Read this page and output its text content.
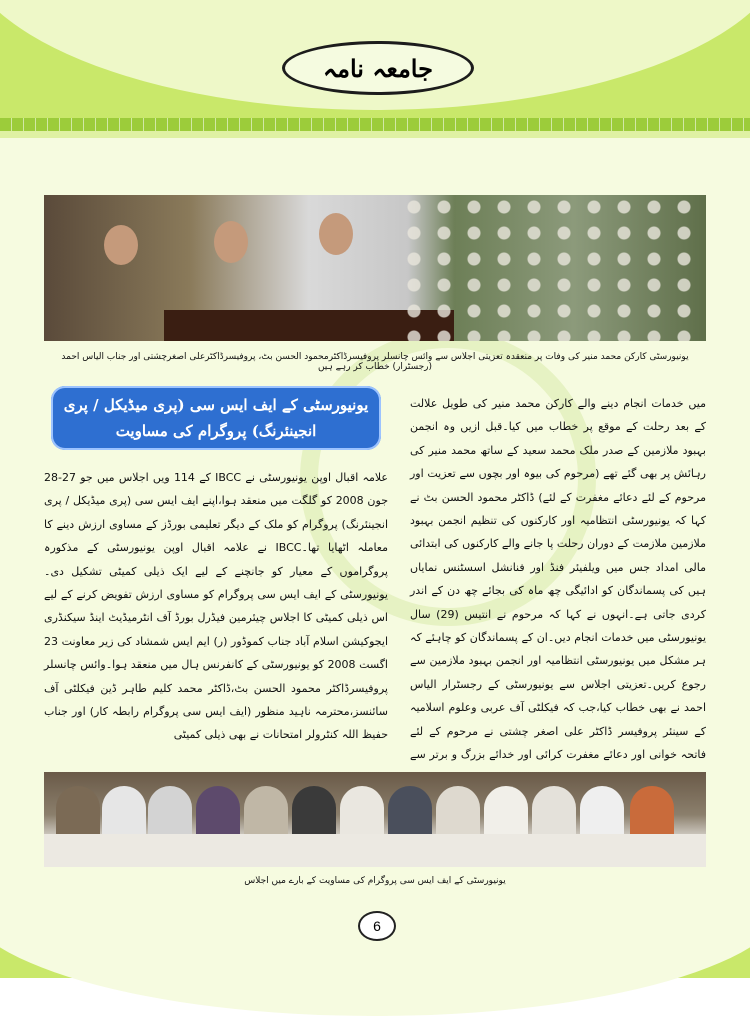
جامعہ نامہ
یونیورسٹی کارکن محمد منیر کی وفات پر منعقدہ تعزیتی اجلاس سے وائس چانسلر پروفیسرڈاکٹرمحمود الحسن بٹ، پروفیسرڈاکٹرعلی اصغرچشتی اور جناب الیاس احمد (رجسٹرار) خطاب کر رہے ہیں
میں خدمات انجام دینے والے کارکن محمد منیر کی طویل علالت کے بعد رحلت کے موقع پر خطاب میں کیا۔قبل ازیں وہ انجمن بہبود ملازمین کے صدر ملک محمد سعید کے ساتھ محمد منیر کی رہائش پر بھی گئے تھے (مرحوم کی بیوہ اور بچوں سے تعزیت اور مرحوم کے لئے دعائے مغفرت کے لئے) ڈاکٹر محمود الحسن بٹ نے کہا کہ یونیورسٹی انتظامیہ اور کارکنوں کی تنظیم انجمن بہبود ملازمین ملازمت کے دوران رحلت پا جانے والے کارکنوں کی ابتدائی مالی امداد جس میں ویلفیئر فنڈ اور فنانشل اسسٹنس نمایاں ہیں کی پسماندگان کو ادائیگی چھ ماہ کی بجائے چھ دن کے اندر کردی جاتی ہے۔انہوں نے کہا کہ مرحوم نے انتیس (29) سال یونیورسٹی میں خدمات انجام دیں۔ان کے پسماندگان کو چاہئے کہ ہر مشکل میں یونیورسٹی انتظامیہ اور انجمن بہبود ملازمین سے رجوع کریں۔تعزیتی اجلاس سے یونیورسٹی کے رجسٹرار الیاس احمد نے بھی خطاب کیا،جب کہ فیکلٹی آف عربی وعلوم اسلامیہ کے سینئر پروفیسر ڈاکٹر علی اصغر چشتی نے مرحوم کے لئے فاتحہ خوانی اور دعائے مغفرت کرائی اور خدائے بزرگ و برتر سے
یونیورسٹی کے ایف ایس سی (پری میڈیکل / پری انجینئرنگ) پروگرام کی مساویت
علامہ اقبال اوپن یونیورسٹی نے IBCC کے 114 ویں اجلاس میں جو 27-28 جون 2008 کو گلگت میں منعقد ہوا،اپنے ایف ایس سی (پری میڈیکل / پری انجینئرنگ) پروگرام کو ملک کے دیگر تعلیمی بورڈز کے مساوی ارزش دینے کا معاملہ اٹھایا تھا۔IBCC نے علامہ اقبال اوپن یونیورسٹی کے مذکورہ پروگراموں کے معیار کو جانچنے کے لیے ایک ذیلی کمیٹی تشکیل دی۔یونیورسٹی کے ایف ایس سی پروگرام کو مساوی ارزش تفویض کرنے کے لیے اس ذیلی کمیٹی کا اجلاس چیئرمین فیڈرل بورڈ آف انٹرمیڈیٹ اینڈ سیکنڈری ایجوکیشن اسلام آباد جناب کموڈور (ر) ایم ایس شمشاد کی زیر معاونت 23 اگست 2008 کو یونیورسٹی کے کانفرنس ہال میں منعقد ہوا۔وائس چانسلر پروفیسرڈاکٹر محمود الحسن بٹ،ڈاکٹر محمد کلیم طاہر ڈین فیکلٹی آف سائنسز،محترمہ ناہید منظور (ایف ایس سی پروگرام رابطہ کار) اور جناب حفیظ اللہ کنٹرولر امتحانات نے بھی ذیلی کمیٹی
یونیورسٹی کے ایف ایس سی پروگرام کی مساویت کے بارے میں اجلاس
6
